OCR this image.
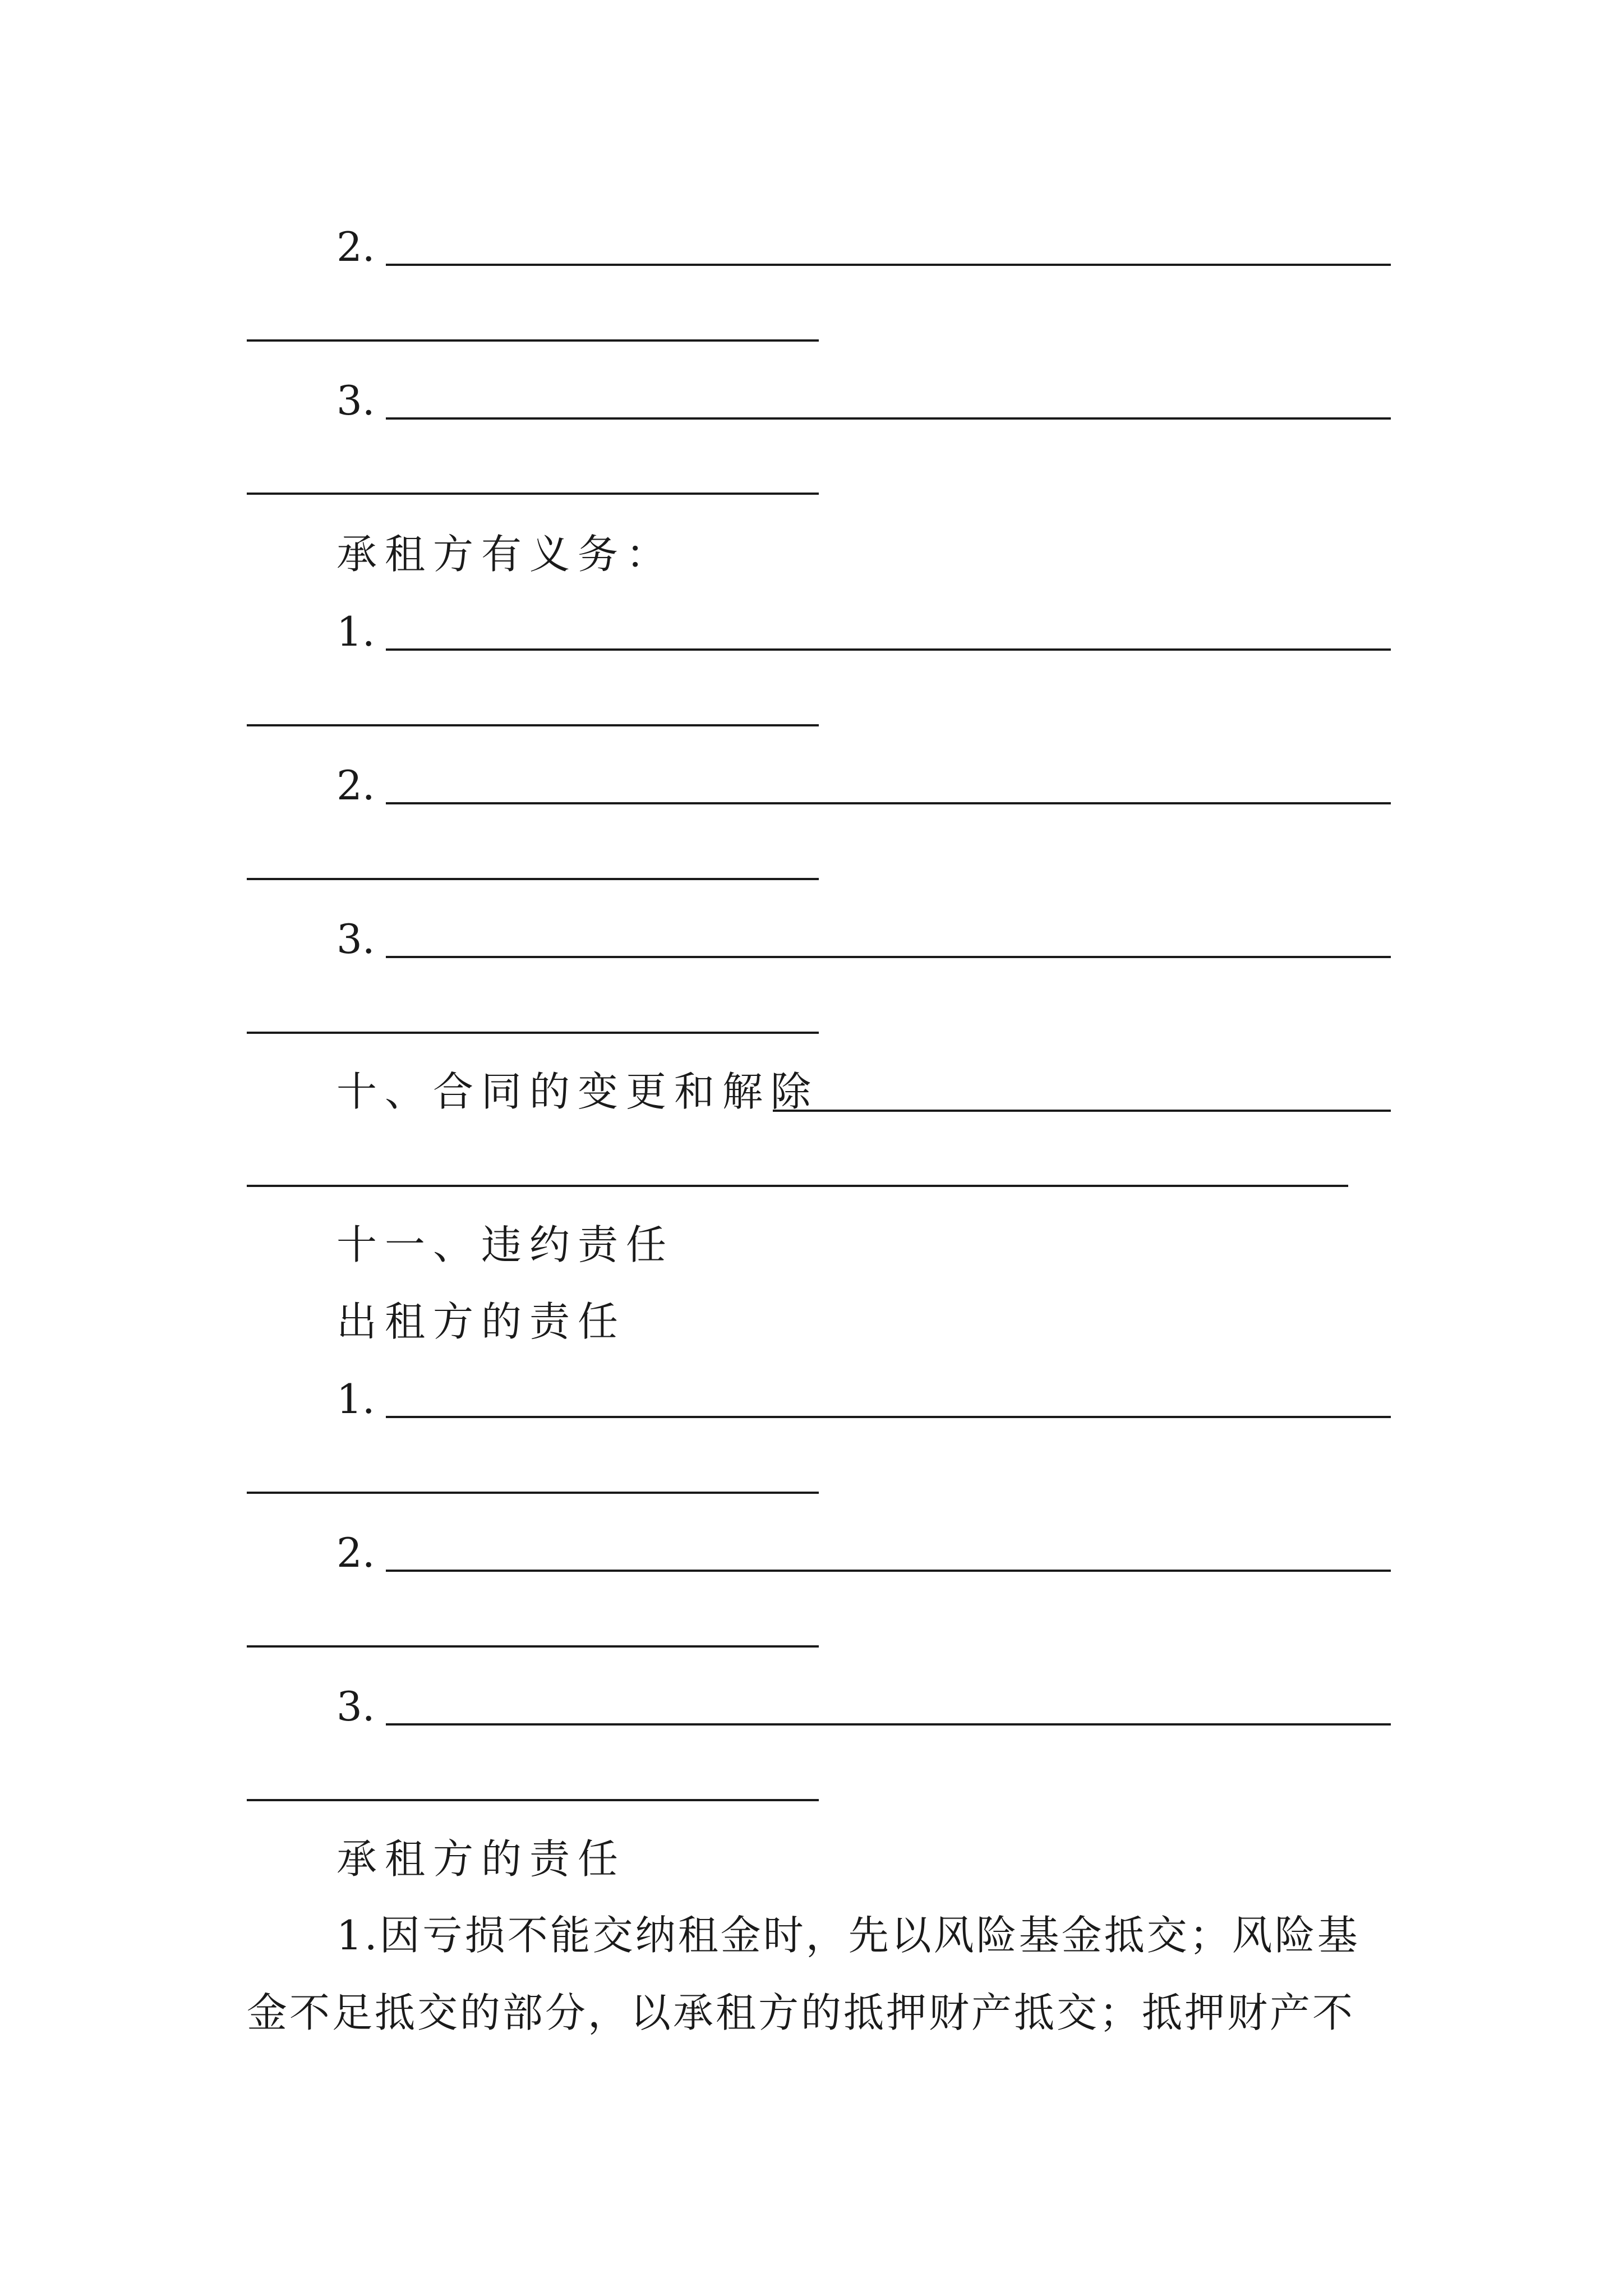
2.
3.
承租方有义务：
1.
2.
3.
十、合同的变更和解除
十一、违约责任
出租方的责任
1.
2.
3.
承租方的责任
1.因亏损不能交纳租金时，先以风险基金抵交；风险基
金不足抵交的部分，以承租方的抵押财产抵交；抵押财产不
